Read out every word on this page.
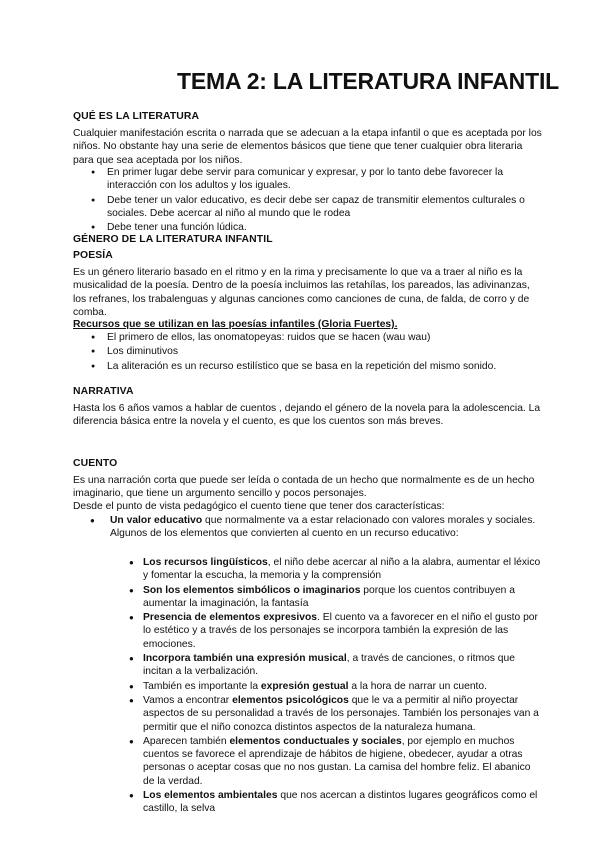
TEMA 2: LA LITERATURA INFANTIL
QUÉ ES LA LITERATURA
Cualquier manifestación escrita o narrada que se adecuan a la etapa infantil o que es aceptada por los niños. No obstante hay una serie de elementos básicos que tiene que tener cualquier obra literaria para que sea aceptada por los niños.
● En primer lugar debe servir para comunicar y expresar, y por lo tanto debe favorecer la interacción con los adultos y los iguales.
● Debe tener un valor educativo, es decir debe ser capaz de transmitir elementos culturales o sociales. Debe acercar al niño al mundo que le rodea
● Debe tener una función lúdica.
GÉNERO DE LA LITERATURA INFANTIL
POESÍA
Es un género literario basado en el ritmo y en la rima y precisamente lo que va a traer al niño es la musicalidad de la poesía. Dentro de la poesía incluimos las retahílas, los pareados, las adivinanzas, los refranes, los trabalenguas y algunas canciones como canciones de cuna, de falda, de corro y de comba.
Recursos que se utilizan en las poesías infantiles (Gloria Fuertes).
● El primero de ellos, las onomatopeyas: ruidos que se hacen (wau wau)
● Los diminutivos
● La aliteración es un recurso estilístico que se basa en la repetición del mismo sonido.
NARRATIVA
Hasta los 6 años vamos a hablar de cuentos , dejando el género de la novela para la adolescencia. La diferencia básica entre la novela y el cuento, es que los cuentos son más breves.
CUENTO
Es una narración corta que puede ser leída o contada de un hecho que normalmente es de un hecho imaginario, que tiene un argumento sencillo y pocos personajes.
Desde el punto de vista pedagógico el cuento tiene que tener dos características:
● Un valor educativo que normalmente va a estar relacionado con valores morales y sociales. Algunos de los elementos que convierten al cuento en un recurso educativo:
● Los recursos lingüísticos, el niño debe acercar al niño a la alabra, aumentar el léxico y fomentar la escucha, la memoria y la comprensión
● Son los elementos simbólicos o imaginarios porque los cuentos contribuyen a aumentar la imaginación, la fantasía
● Presencia de elementos expresivos. El cuento va a favorecer en el niño el gusto por lo estético y a través de los personajes se incorpora también la expresión de las emociones.
● Incorpora también una expresión musical, a través de canciones, o ritmos que incitan a la verbalización.
● También es importante la expresión gestual a la hora de narrar un cuento.
● Vamos a encontrar elementos psicológicos que le va a permitir al niño proyectar aspectos de su personalidad a través de los personajes. También los personajes van a permitir que el niño conozca distintos aspectos de la naturaleza humana.
● Aparecen también elementos conductuales y sociales, por ejemplo en muchos cuentos se favorece el aprendizaje de hábitos de higiene, obedecer, ayudar a otras personas o aceptar cosas que no nos gustan. La camisa del hombre feliz. El abanico de la verdad.
● Los elementos ambientales que nos acercan a distintos lugares geográficos como el castillo, la selva
